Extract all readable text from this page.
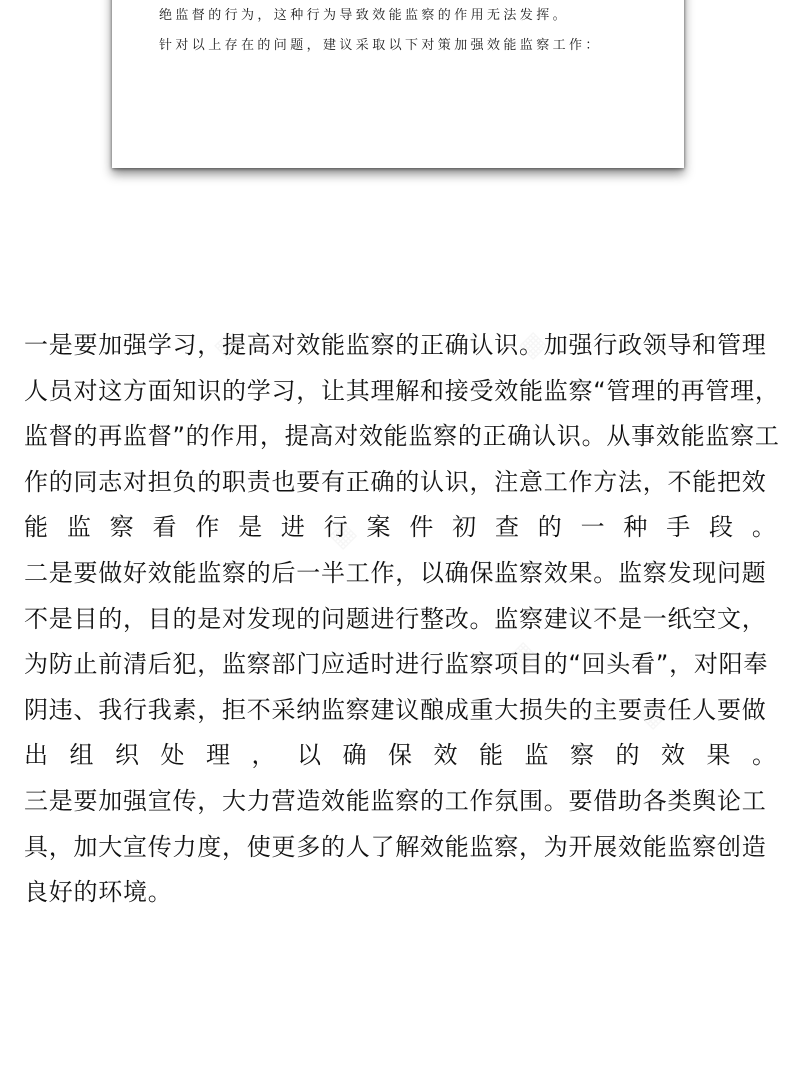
绝监督的行为，这种行为导致效能监察的作用无法发挥。
针对以上存在的问题，建议采取以下对策加强效能监察工作：
一是要加强学习，提高对效能监察的正确认识。加强行政领导和管理
人员对这方面知识的学习，让其理解和接受效能监察“管理的再管理，
监督的再监督”的作用，提高对效能监察的正确认识。从事效能监察工
作的同志对担负的职责也要有正确的认识，注意工作方法，不能把效
能 监 察 看 作 是 进 行 案 件 初 查 的 一 种 手 段 。
二是要做好效能监察的后一半工作，以确保监察效果。监察发现问题
不是目的，目的是对发现的问题进行整改。监察建议不是一纸空文，
为防止前清后犯，监察部门应适时进行监察项目的“回头看”，对阳奉
阴违、我行我素，拒不采纳监察建议酿成重大损失的主要责任人要做
出 组 织 处 理 ， 以 确 保 效 能 监 察 的 效 果 。
三是要加强宣传，大力营造效能监察的工作氛围。要借助各类舆论工
具，加大宣传力度，使更多的人了解效能监察，为开展效能监察创造
良好的环境。
